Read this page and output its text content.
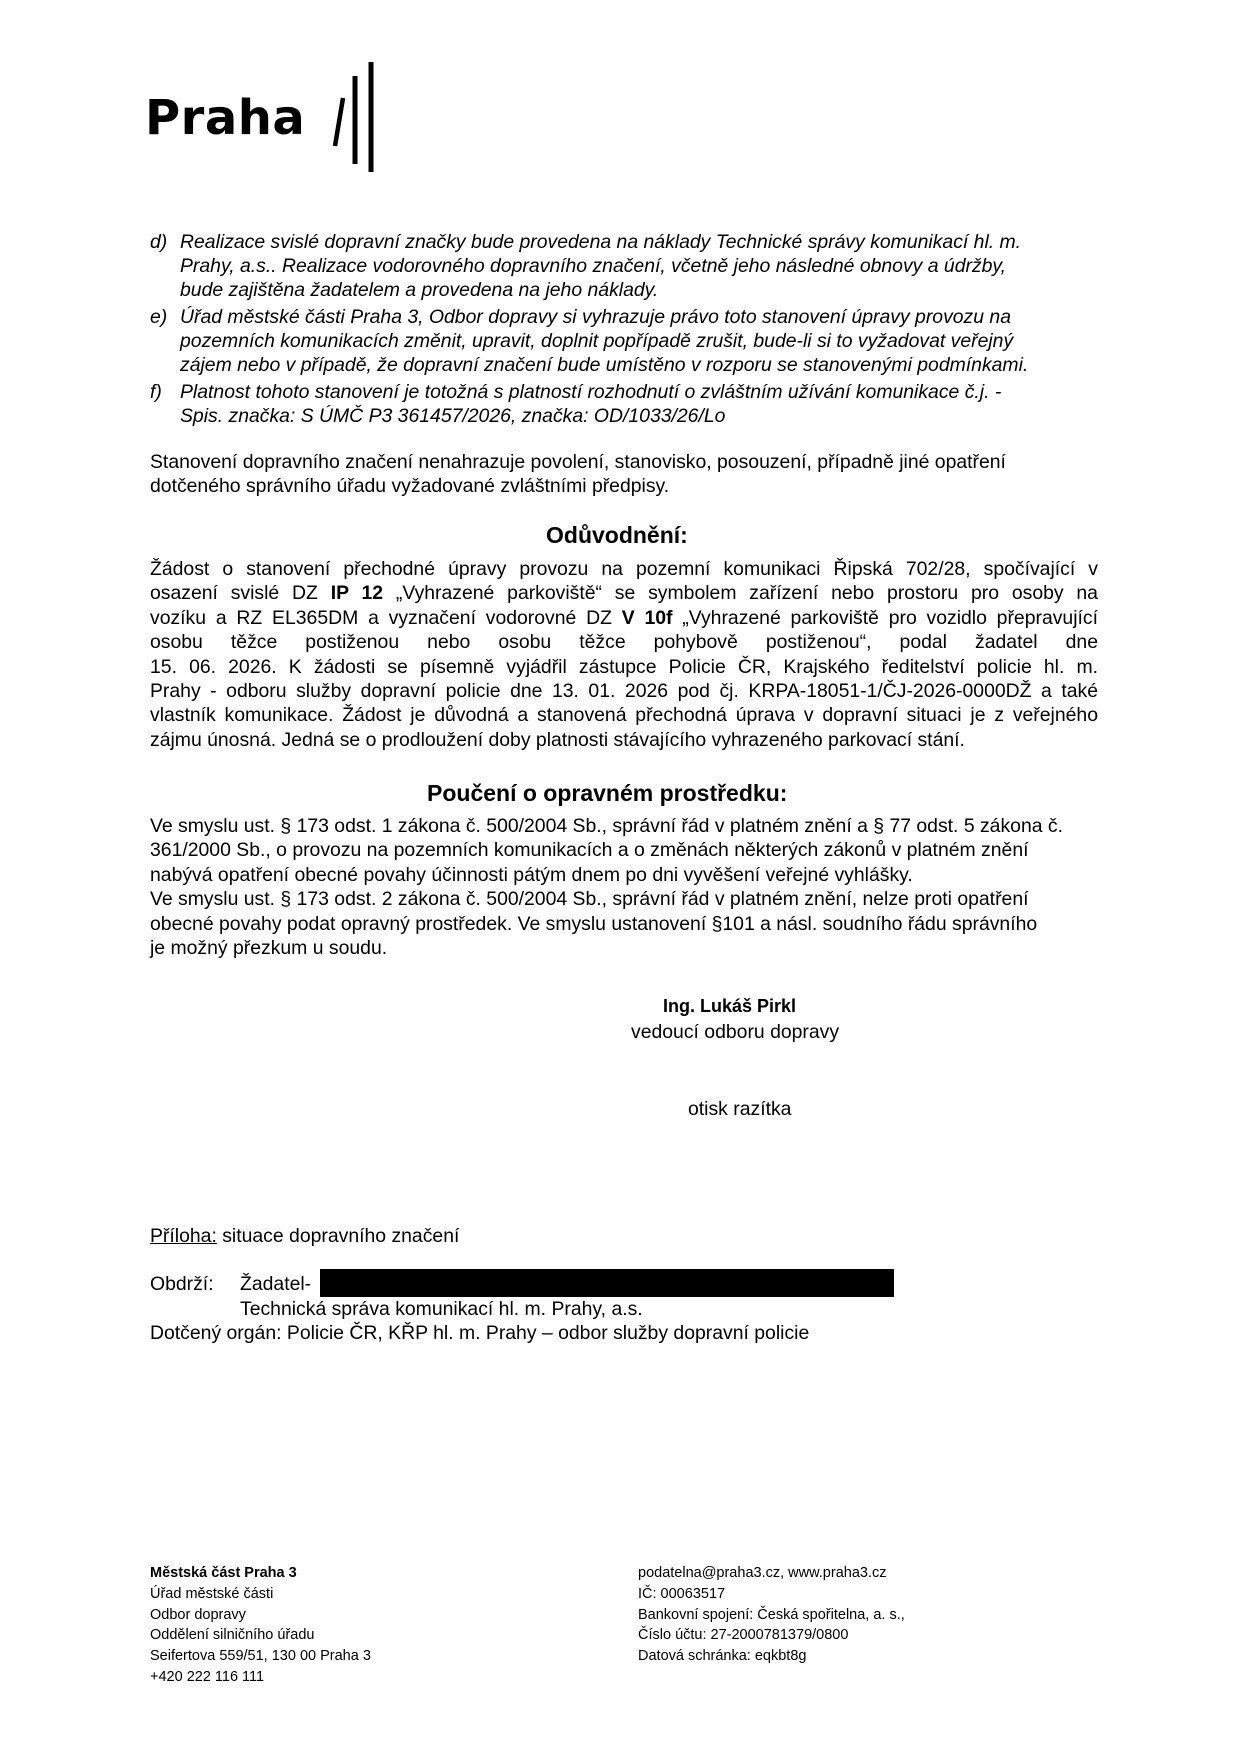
Praha
d) Realizace svislé dopravní značky bude provedena na náklady Technické správy komunikací hl. m.
Prahy, a.s.. Realizace vodorovného dopravního značení, včetně jeho následné obnovy a údržby,
bude zajištěna žadatelem a provedena na jeho náklady.
e) Úřad městské části Praha 3, Odbor dopravy si vyhrazuje právo toto stanovení úpravy provozu na
pozemních komunikacích změnit, upravit, doplnit popřípadě zrušit, bude-li si to vyžadovat veřejný
zájem nebo v případě, že dopravní značení bude umístěno v rozporu se stanovenými podmínkami.
f) Platnost tohoto stanovení je totožná s platností rozhodnutí o zvláštním užívání komunikace č.j. -
Spis. značka: S ÚMČ P3 361457/2026, značka: OD/1033/26/Lo
Stanovení dopravního značení nenahrazuje povolení, stanovisko, posouzení, případně jiné opatření
dotčeného správního úřadu vyžadované zvláštními předpisy.
Odůvodnění:
Žádost o stanovení přechodné úpravy provozu na pozemní komunikaci Řipská 702/28, spočívající v
osazení svislé DZ IP 12 „Vyhrazené parkoviště“ se symbolem zařízení nebo prostoru pro osoby na
vozíku a RZ EL365DM a vyznačení vodorovné DZ V 10f „Vyhrazené parkoviště pro vozidlo přepravující
osobu těžce postiženou nebo osobu těžce pohybově postiženou“, podal žadatel dne
15. 06. 2026. K žádosti se písemně vyjádřil zástupce Policie ČR, Krajského ředitelství policie hl. m.
Prahy - odboru služby dopravní policie dne 13. 01. 2026 pod čj. KRPA-18051-1/ČJ-2026-0000DŽ a také
vlastník komunikace. Žádost je důvodná a stanovená přechodná úprava v dopravní situaci je z veřejného
zájmu únosná. Jedná se o prodloužení doby platnosti stávajícího vyhrazeného parkovací stání.
Poučení o opravném prostředku:
Ve smyslu ust. § 173 odst. 1 zákona č. 500/2004 Sb., správní řád v platném znění a § 77 odst. 5 zákona č.
361/2000 Sb., o provozu na pozemních komunikacích a o změnách některých zákonů v platném znění
nabývá opatření obecné povahy účinnosti pátým dnem po dni vyvěšení veřejné vyhlášky.
Ve smyslu ust. § 173 odst. 2 zákona č. 500/2004 Sb., správní řád v platném znění, nelze proti opatření
obecné povahy podat opravný prostředek. Ve smyslu ustanovení §101 a násl. soudního řádu správního
je možný přezkum u soudu.
Ing. Lukáš Pirkl
vedoucí odboru dopravy
otisk razítka
Příloha: situace dopravního značení
Obdrží: Žadatel-
Technická správa komunikací hl. m. Prahy, a.s.
Dotčený orgán: Policie ČR, KŘP hl. m. Prahy – odbor služby dopravní policie
Městská část Praha 3
Úřad městské části
Odbor dopravy
Oddělení silničního úřadu
Seifertova 559/51, 130 00 Praha 3
+420 222 116 111
podatelna@praha3.cz, www.praha3.cz
IČ: 00063517
Bankovní spojení: Česká spořitelna, a. s.,
Číslo účtu: 27-2000781379/0800
Datová schránka: eqkbt8g
